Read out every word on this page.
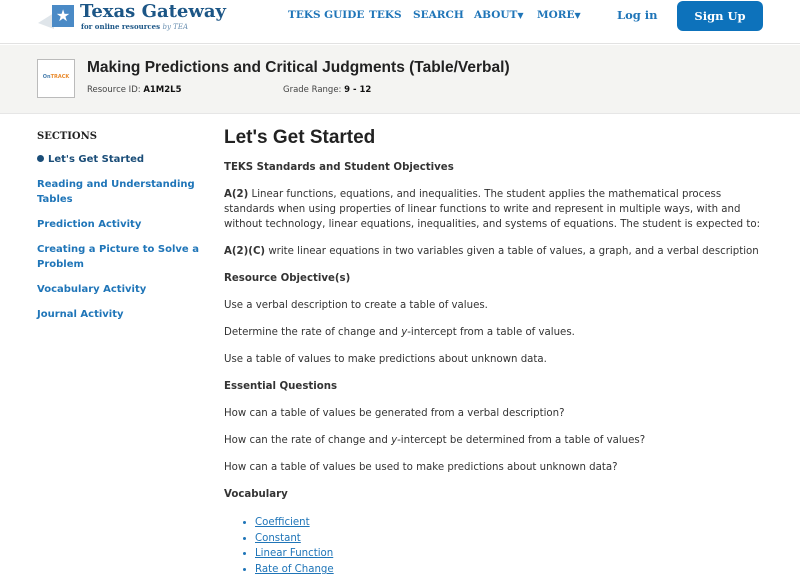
★ Texas Gateway
for online resources by TEA
TEKS GUIDE TEKS SEARCH ABOUT▼ MORE▼	Log in	Sign Up
OnTRACK
Making Predictions and Critical Judgments (Table/Verbal)
Resource ID: A1M2L5	Grade Range: 9 - 12
SECTIONS
Let's Get Started
Reading and Understanding Tables
Prediction Activity
Creating a Picture to Solve a Problem
Vocabulary Activity
Journal Activity
Let's Get Started

TEKS Standards and Student Objectives

A(2) Linear functions, equations, and inequalities. The student applies the mathematical process standards when using properties of linear functions to write and represent in multiple ways, with and without technology, linear equations, inequalities, and systems of equations. The student is expected to:

A(2)(C) write linear equations in two variables given a table of values, a graph, and a verbal description

Resource Objective(s)

Use a verbal description to create a table of values.

Determine the rate of change and y-intercept from a table of values.

Use a table of values to make predictions about unknown data.

Essential Questions

How can a table of values be generated from a verbal description?

How can the rate of change and y-intercept be determined from a table of values?

How can a table of values be used to make predictions about unknown data?

Vocabulary

• Coefficient
• Constant
• Linear Function
• Rate of Change
